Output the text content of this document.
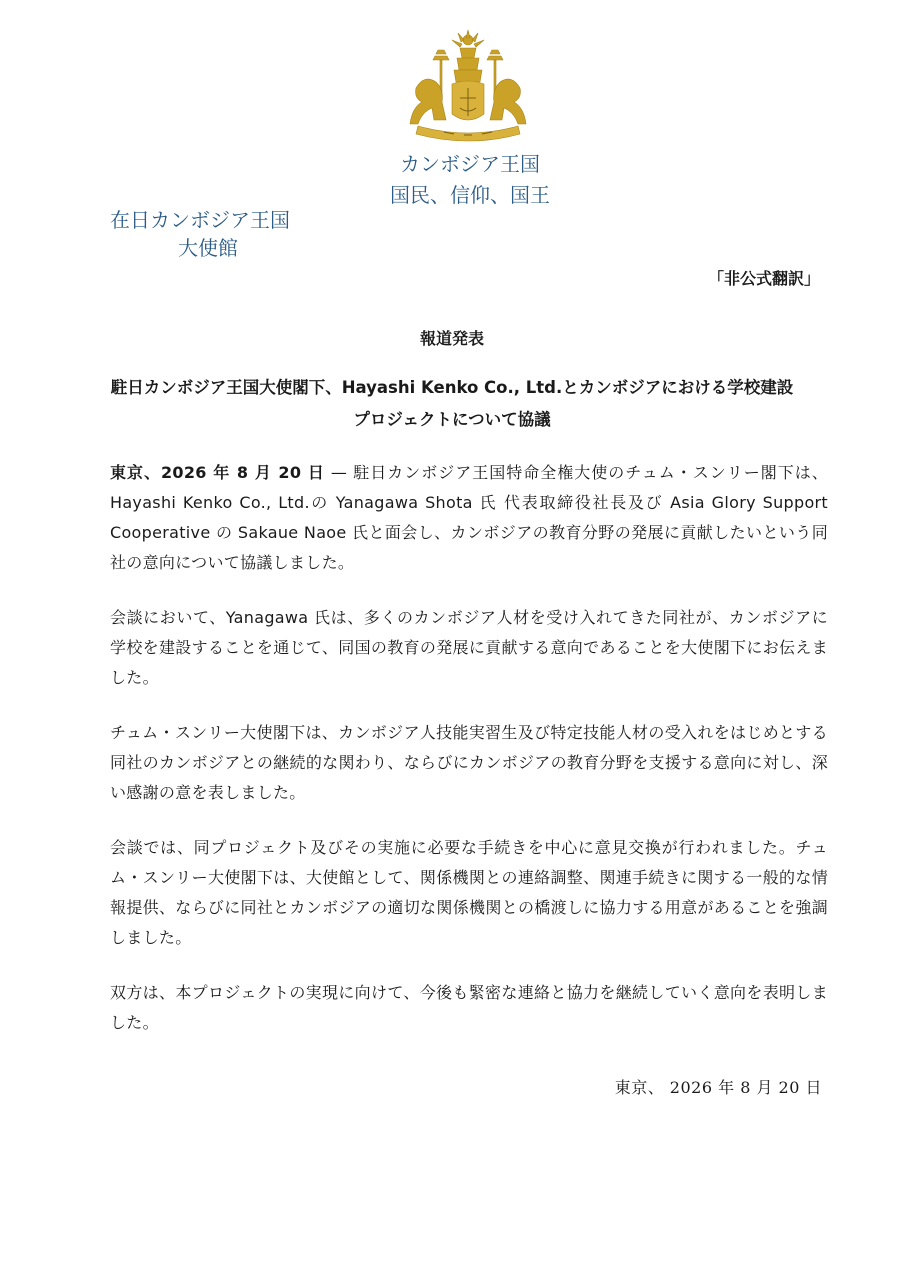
カンボジア王国
国民、信仰、国王
在日カンボジア王国
大使館
「非公式翻訳」
報道発表
駐日カンボジア王国大使閣下、Hayashi Kenko Co., Ltd.とカンボジアにおける学校建設
プロジェクトについて協議

東京、2026 年 8 月 20 日 — 駐日カンボジア王国特命全権大使のチュム・スンリー閣下は、Hayashi Kenko Co., Ltd.の Yanagawa Shota 氏 代表取締役社長及び Asia Glory Support Cooperative の Sakaue Naoe 氏と面会し、カンボジアの教育分野の発展に貢献したいという同社の意向について協議しました。

会談において、Yanagawa 氏は、多くのカンボジア人材を受け入れてきた同社が、カンボジアに学校を建設することを通じて、同国の教育の発展に貢献する意向であることを大使閣下にお伝えました。

チュム・スンリー大使閣下は、カンボジア人技能実習生及び特定技能人材の受入れをはじめとする同社のカンボジアとの継続的な関わり、ならびにカンボジアの教育分野を支援する意向に対し、深い感謝の意を表しました。

会談では、同プロジェクト及びその実施に必要な手続きを中心に意見交換が行われました。チュム・スンリー大使閣下は、大使館として、関係機関との連絡調整、関連手続きに関する一般的な情報提供、ならびに同社とカンボジアの適切な関係機関との橋渡しに協力する用意があることを強調しました。

双方は、本プロジェクトの実現に向けて、今後も緊密な連絡と協力を継続していく意向を表明しました。

東京、 2026 年 8 月 20 日
